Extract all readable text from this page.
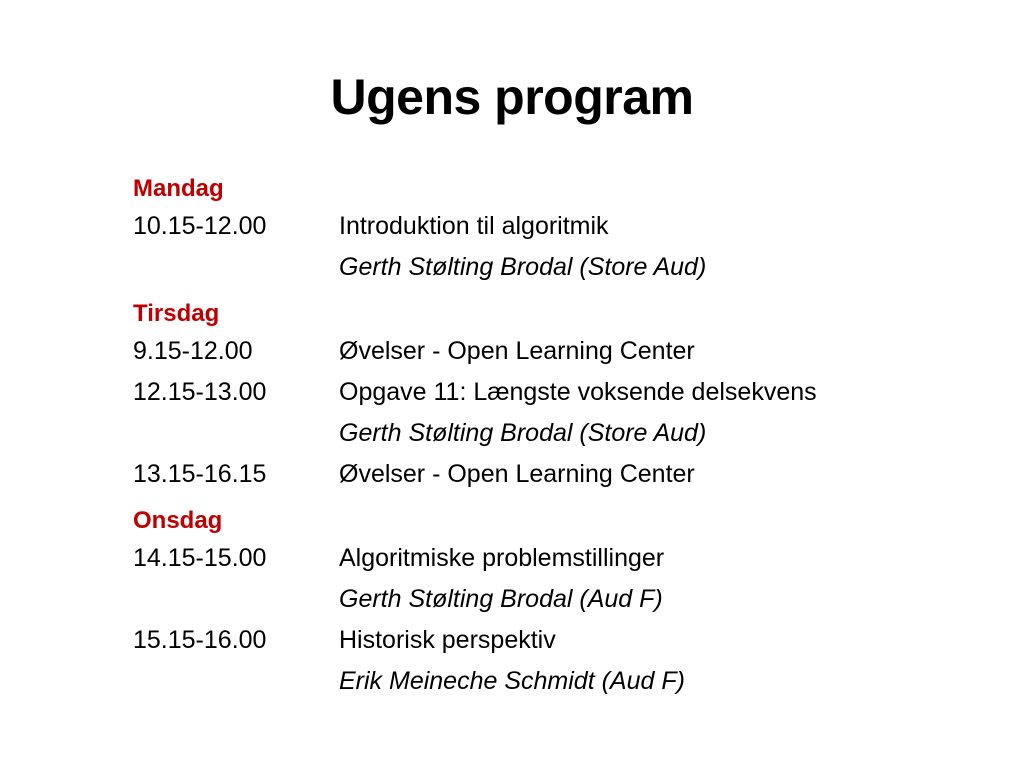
Ugens program
Mandag
10.15-12.00	Introduktion til algoritmik
Gerth Stølting Brodal (Store Aud)
Tirsdag
9.15-12.00	Øvelser - Open Learning Center
12.15-13.00	Opgave 11: Længste voksende delsekvens
Gerth Stølting Brodal (Store Aud)
13.15-16.15	Øvelser - Open Learning Center
Onsdag
14.15-15.00	Algoritmiske problemstillinger
Gerth Stølting Brodal (Aud F)
15.15-16.00	Historisk perspektiv
Erik Meineche Schmidt (Aud F)
